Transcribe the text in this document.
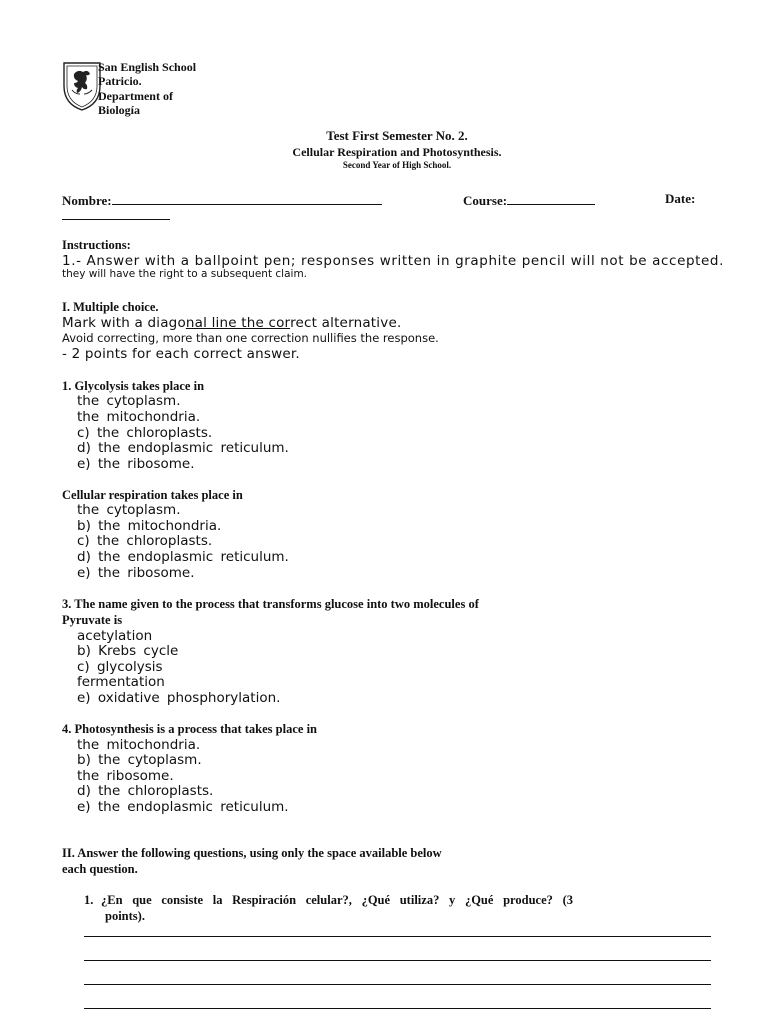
San English School
Patricio.
Department of
Biología
Test First Semester No. 2.
Cellular Respiration and Photosynthesis.
Second Year of High School.
Nombre:	Course:	Date:
Instructions:
1.- Answer with a ballpoint pen; responses written in graphite pencil will not be accepted.
they will have the right to a subsequent claim.
I. Multiple choice.
Mark with a diagonal line the correct alternative.
Avoid correcting, more than one correction nullifies the response.
- 2 points for each correct answer.
1. Glycolysis takes place in
the cytoplasm.
the mitochondria.
c) the chloroplasts.
d) the endoplasmic reticulum.
e) the ribosome.
Cellular respiration takes place in
the cytoplasm.
b) the mitochondria.
c) the chloroplasts.
d) the endoplasmic reticulum.
e) the ribosome.
3. The name given to the process that transforms glucose into two molecules of
Pyruvate is
acetylation
b) Krebs cycle
c) glycolysis
fermentation
e) oxidative phosphorylation.
4. Photosynthesis is a process that takes place in
the mitochondria.
b) the cytoplasm.
the ribosome.
d) the chloroplasts.
e) the endoplasmic reticulum.
II. Answer the following questions, using only the space available below
each question.
1. ¿En que consiste la Respiración celular?, ¿Qué utiliza? y ¿Qué produce? (3
points).
